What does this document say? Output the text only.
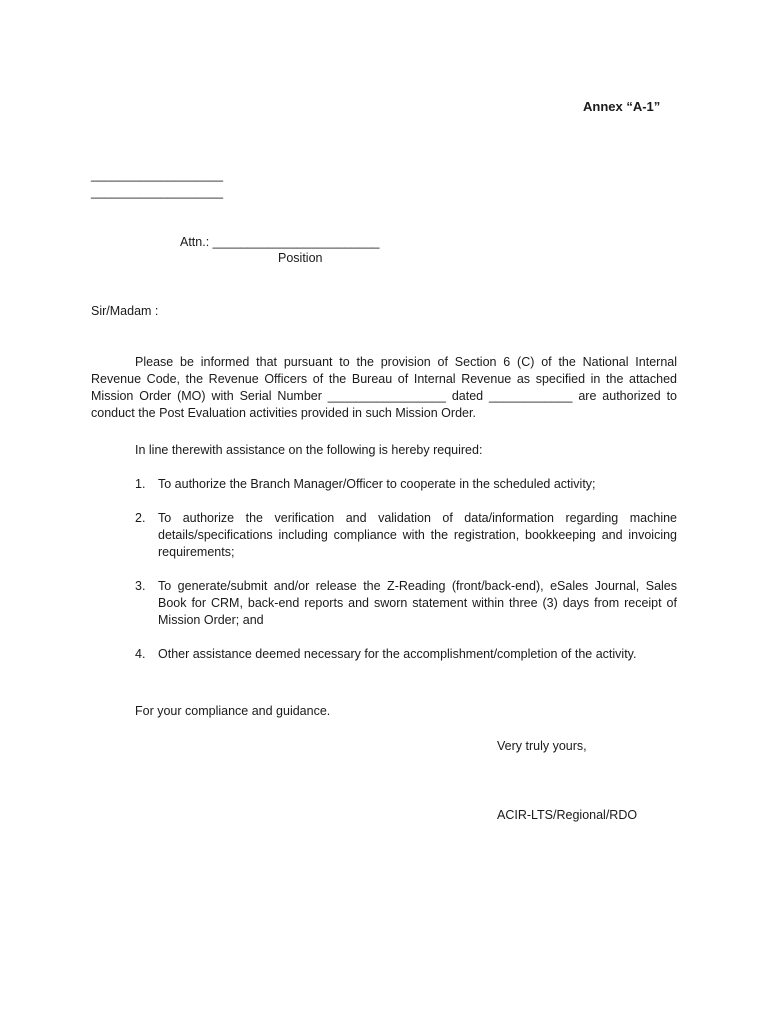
Annex “A-1”
___________________
___________________
Attn.: ________________________
Position
Sir/Madam :

Please be informed that pursuant to the provision of Section 6 (C) of the National Internal Revenue Code, the Revenue Officers of the Bureau of Internal Revenue as specified in the attached Mission Order (MO) with Serial Number _________________ dated ____________ are authorized to conduct the Post Evaluation activities provided in such Mission Order.

In line therewith assistance on the following is hereby required:
1. To authorize the Branch Manager/Officer to cooperate in the scheduled activity;
2. To authorize the verification and validation of data/information regarding machine details/specifications including compliance with the registration, bookkeeping and invoicing requirements;
3. To generate/submit and/or release the Z-Reading (front/back-end), eSales Journal, Sales Book for CRM, back-end reports and sworn statement within three (3) days from receipt of Mission Order; and
4. Other assistance deemed necessary for the accomplishment/completion of the activity.
For your compliance and guidance.
Very truly yours,
ACIR-LTS/Regional/RDO
